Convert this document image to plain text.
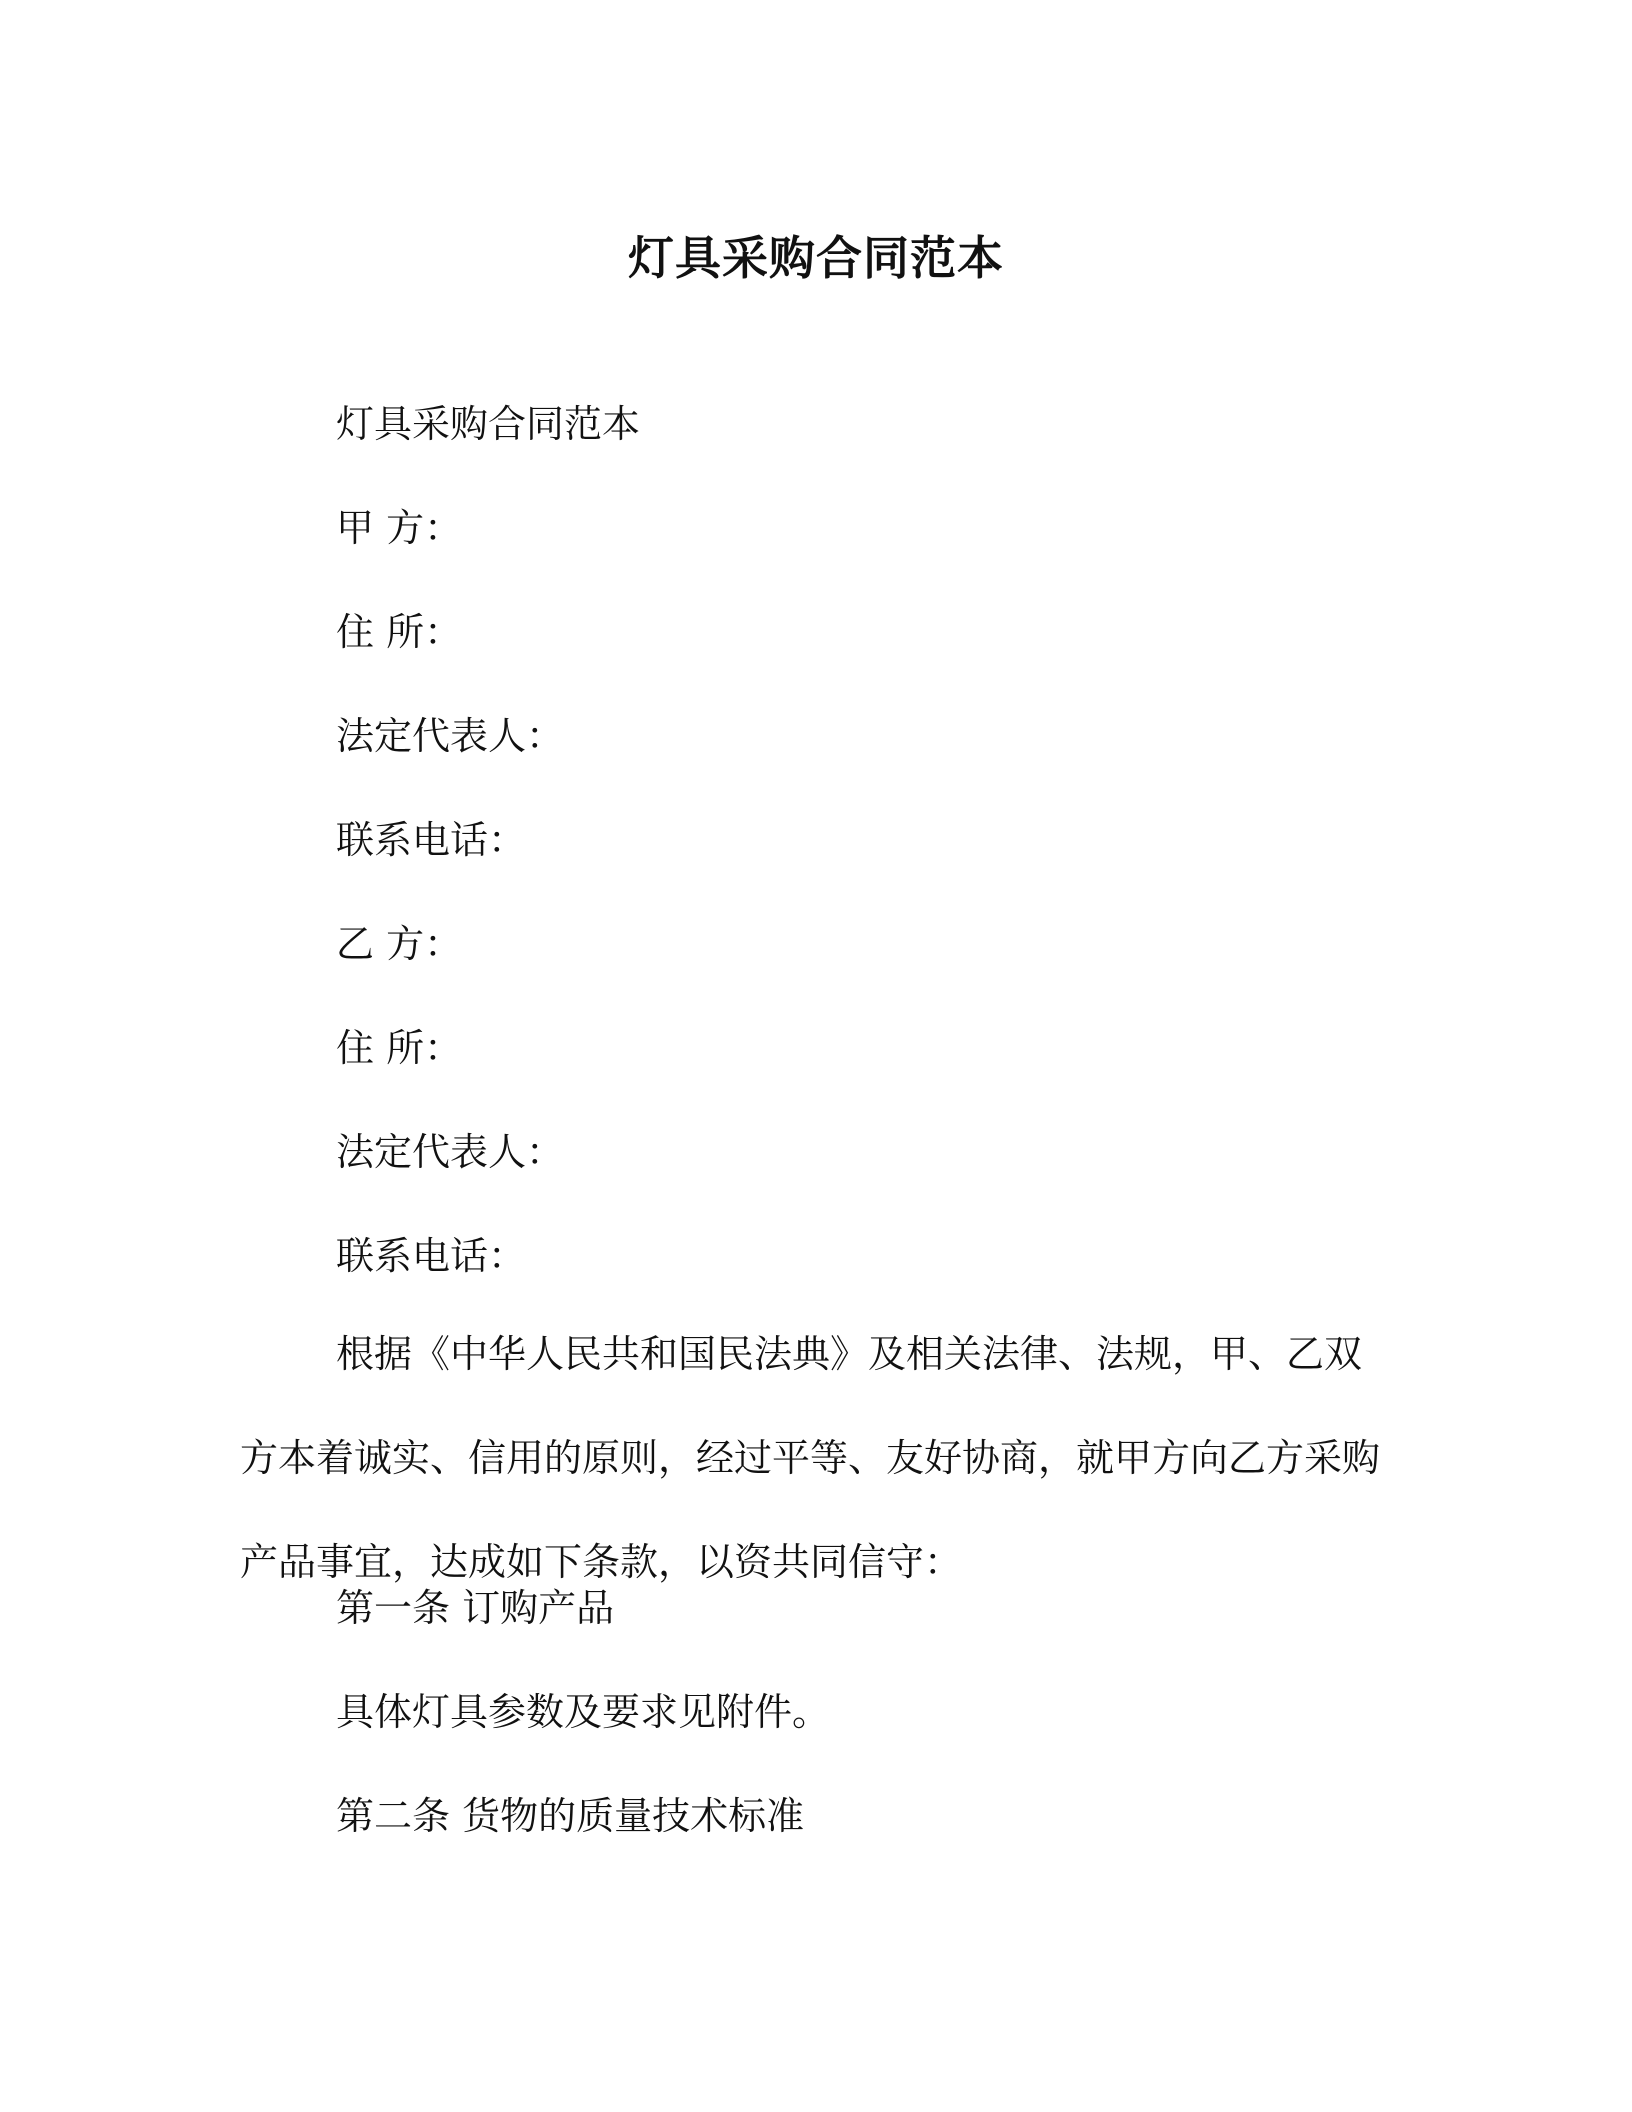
灯具采购合同范本
灯具采购合同范本
甲 方：
住 所：
法定代表人：
联系电话：
乙 方：
住 所：
法定代表人：
联系电话：
根据《中华人民共和国民法典》及相关法律、法规，甲、乙双方本着诚实、信用的原则，经过平等、友好协商，就甲方向乙方采购产品事宜，达成如下条款，以资共同信守：
第一条 订购产品
具体灯具参数及要求见附件。
第二条 货物的质量技术标准
